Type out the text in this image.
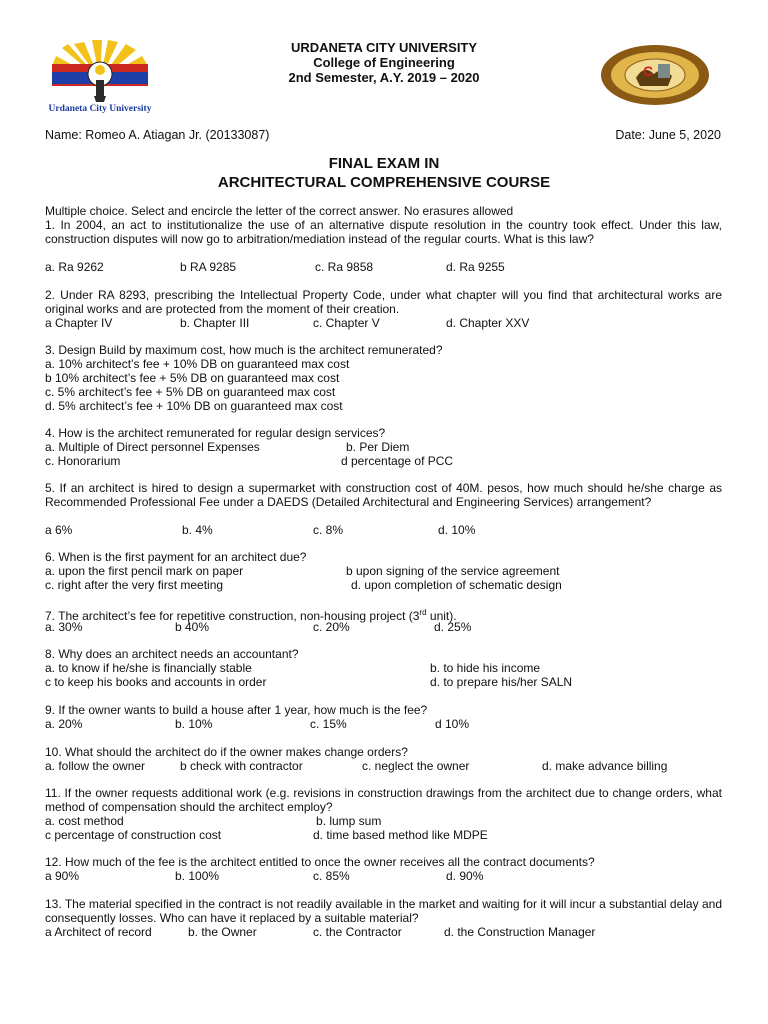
Urdaneta City University
C
URDANETA CITY UNIVERSITY
College of Engineering
2nd Semester, A.Y. 2019 – 2020
Name: Romeo A. Atiagan Jr. (20133087)	Date: June 5, 2020
FINAL EXAM IN
ARCHITECTURAL COMPREHENSIVE COURSE
Multiple choice. Select and encircle the letter of the correct answer. No erasures allowed
1. In 2004, an act to institutionalize the use of an alternative dispute resolution in the country took effect. Under this law, construction disputes will now go to arbitration/mediation instead of the regular courts. What is this law?
a. Ra 9262	b RA 9285	c. Ra 9858	d. Ra 9255
2. Under RA 8293, prescribing the Intellectual Property Code, under what chapter will you find that architectural works are original works and are protected from the moment of their creation.
a Chapter IV	b. Chapter III	c. Chapter V	d. Chapter XXV
3. Design Build by maximum cost, how much is the architect remunerated?
a. 10% architect’s fee + 10% DB on guaranteed max cost
b 10% architect’s fee + 5% DB on guaranteed max cost
c. 5% architect’s fee + 5% DB on guaranteed max cost
d. 5% architect’s fee + 10% DB on guaranteed max cost
4. How is the architect remunerated for regular design services?
a. Multiple of Direct personnel Expenses	b. Per Diem
c. Honorarium	d percentage of PCC
5. If an architect is hired to design a supermarket with construction cost of 40M. pesos, how much should he/she charge as Recommended Professional Fee under a DAEDS (Detailed Architectural and Engineering Services) arrangement?
a 6%	b. 4%	c. 8%	d. 10%
6. When is the first payment for an architect due?
a. upon the first pencil mark on paper	b upon signing of the service agreement
c. right after the very first meeting	d. upon completion of schematic design
7. The architect’s fee for repetitive construction, non-housing project (3rd unit).
a. 30%	b 40%	c. 20%	d. 25%
8. Why does an architect needs an accountant?
a. to know if he/she is financially stable	b. to hide his income
c to keep his books and accounts in order	d. to prepare his/her SALN
9. If the owner wants to build a house after 1 year, how much is the fee?
a. 20%	b. 10%	c. 15%	d 10%
10. What should the architect do if the owner makes change orders?
a. follow the owner	b check with contractor	c. neglect the owner	d. make advance billing
11. If the owner requests additional work (e.g. revisions in construction drawings from the architect due to change orders, what method of compensation should the architect employ?
a. cost method	b. lump sum
c percentage of construction cost	d. time based method like MDPE
12. How much of the fee is the architect entitled to once the owner receives all the contract documents?
a 90%	b. 100%	c. 85%	d. 90%
13. The material specified in the contract is not readily available in the market and waiting for it will incur a substantial delay and consequently losses. Who can have it replaced by a suitable material?
a Architect of record	b. the Owner	c. the Contractor	d. the Construction Manager
